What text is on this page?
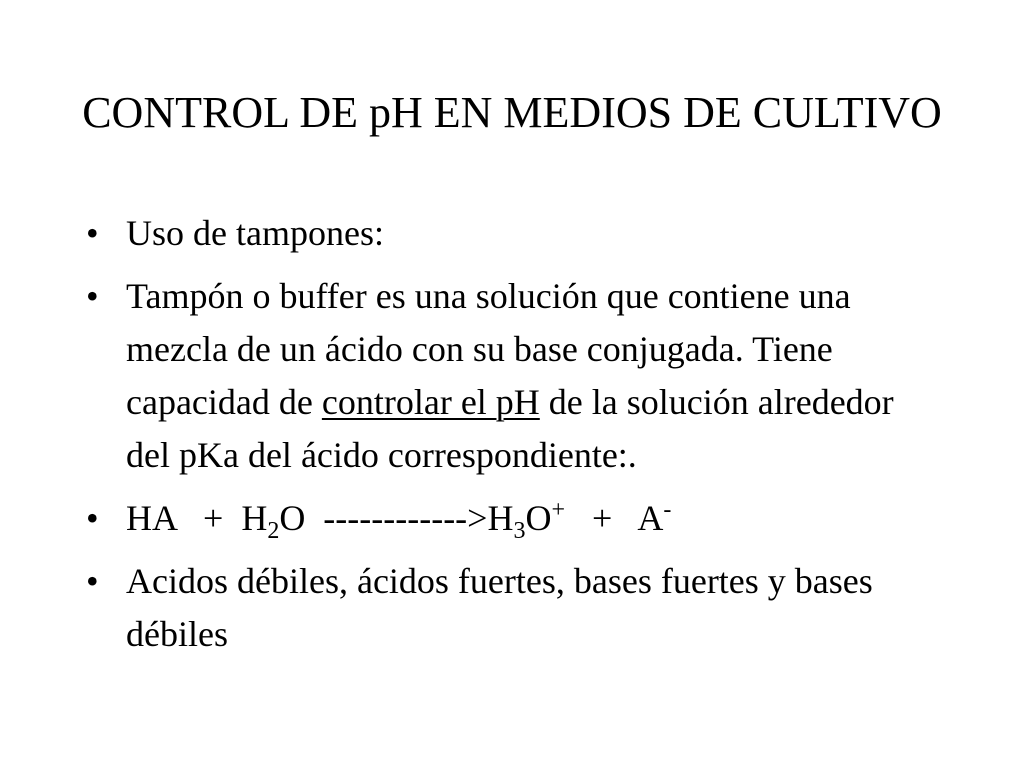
CONTROL DE pH EN MEDIOS DE CULTIVO
• Uso de tampones:
• Tampón o buffer es una solución que contiene una mezcla de un ácido con su base conjugada. Tiene capacidad de controlar el pH de la solución alrededor del pKa del ácido correspondiente:.
• HA   +  $H_2O$  $------------>H_3O^+ + A^-$
• Acidos débiles, ácidos fuertes, bases fuertes y bases débiles
